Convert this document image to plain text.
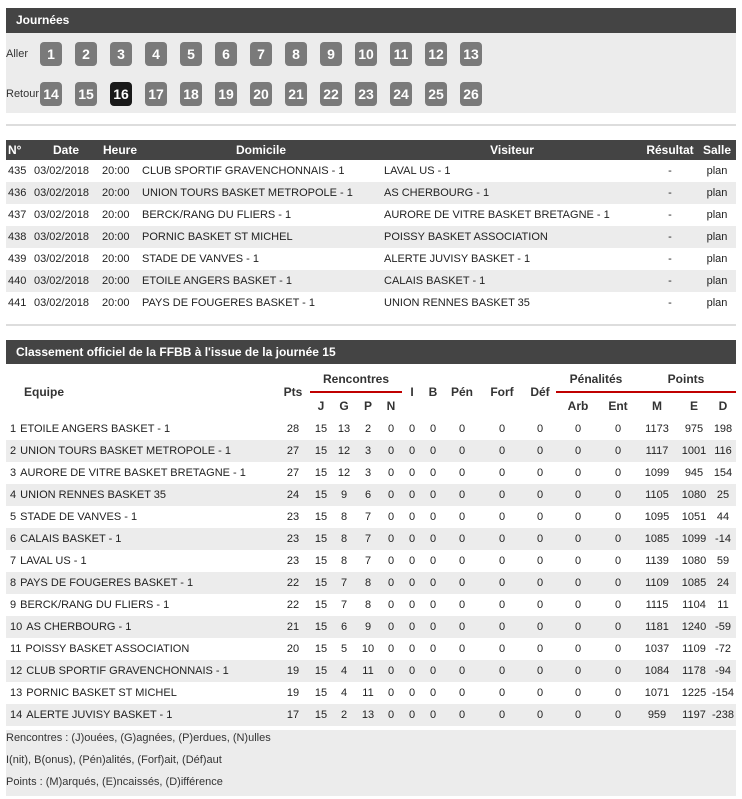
Journées
Aller	1	2	3	4	5	6	7	8	9	10 11 12 13
Retour 14 15 16 17 18 19 20 21 22 23 24 25 26
N°	Date	Heure	Domicile	Visiteur	Résultat	Salle
435	03/02/2018	20:00	CLUB SPORTIF GRAVENCHONNAIS - 1	LAVAL US - 1	-	plan
436	03/02/2018	20:00	UNION TOURS BASKET METROPOLE - 1	AS CHERBOURG - 1	-	plan
437	03/02/2018	20:00	BERCK/RANG DU FLIERS - 1	AURORE DE VITRE BASKET BRETAGNE - 1	-	plan
438	03/02/2018	20:00	PORNIC BASKET ST MICHEL	POISSY BASKET ASSOCIATION	-	plan
439	03/02/2018	20:00	STADE DE VANVES - 1	ALERTE JUVISY BASKET - 1	-	plan
440	03/02/2018	20:00	ETOILE ANGERS BASKET - 1	CALAIS BASKET - 1	-	plan
441	03/02/2018	20:00	PAYS DE FOUGERES BASKET - 1	UNION RENNES BASKET 35	-	plan
Classement officiel de la FFBB à l'issue de la journée 15
Equipe	Pts	Rencontres				I	B	Pén	Forf	Déf	Pénalités		Points		
		J	G	P	N						Arb	Ent	M	E	D
1 ETOILE ANGERS BASKET - 1	28	15	13	2	0	0	0	0	0	0	0	0	1173	975	198
2 UNION TOURS BASKET METROPOLE - 1	27	15	12	3	0	0	0	0	0	0	0	0	1117	1001	116
3 AURORE DE VITRE BASKET BRETAGNE - 1	27	15	12	3	0	0	0	0	0	0	0	0	1099	945	154
4 UNION RENNES BASKET 35	24	15	9	6	0	0	0	0	0	0	0	0	1105	1080	25
5 STADE DE VANVES - 1	23	15	8	7	0	0	0	0	0	0	0	0	1095	1051	44
6 CALAIS BASKET - 1	23	15	8	7	0	0	0	0	0	0	0	0	1085	1099	-14
7 LAVAL US - 1	23	15	8	7	0	0	0	0	0	0	0	0	1139	1080	59
8 PAYS DE FOUGERES BASKET - 1	22	15	7	8	0	0	0	0	0	0	0	0	1109	1085	24
9 BERCK/RANG DU FLIERS - 1	22	15	7	8	0	0	0	0	0	0	0	0	1115	1104	11
10 AS CHERBOURG - 1	21	15	6	9	0	0	0	0	0	0	0	0	1181	1240	-59
11 POISSY BASKET ASSOCIATION	20	15	5	10	0	0	0	0	0	0	0	0	1037	1109	-72
12 CLUB SPORTIF GRAVENCHONNAIS - 1	19	15	4	11	0	0	0	0	0	0	0	0	1084	1178	-94
13 PORNIC BASKET ST MICHEL	19	15	4	11	0	0	0	0	0	0	0	0	1071	1225	-154
14 ALERTE JUVISY BASKET - 1	17	15	2	13	0	0	0	0	0	0	0	0	959	1197	-238
Rencontres : (J)ouées, (G)agnées, (P)erdues, (N)ulles
I(nit), B(onus), (Pén)alités, (Forf)ait, (Déf)aut
Points : (M)arqués, (E)ncaissés, (D)ifférence
